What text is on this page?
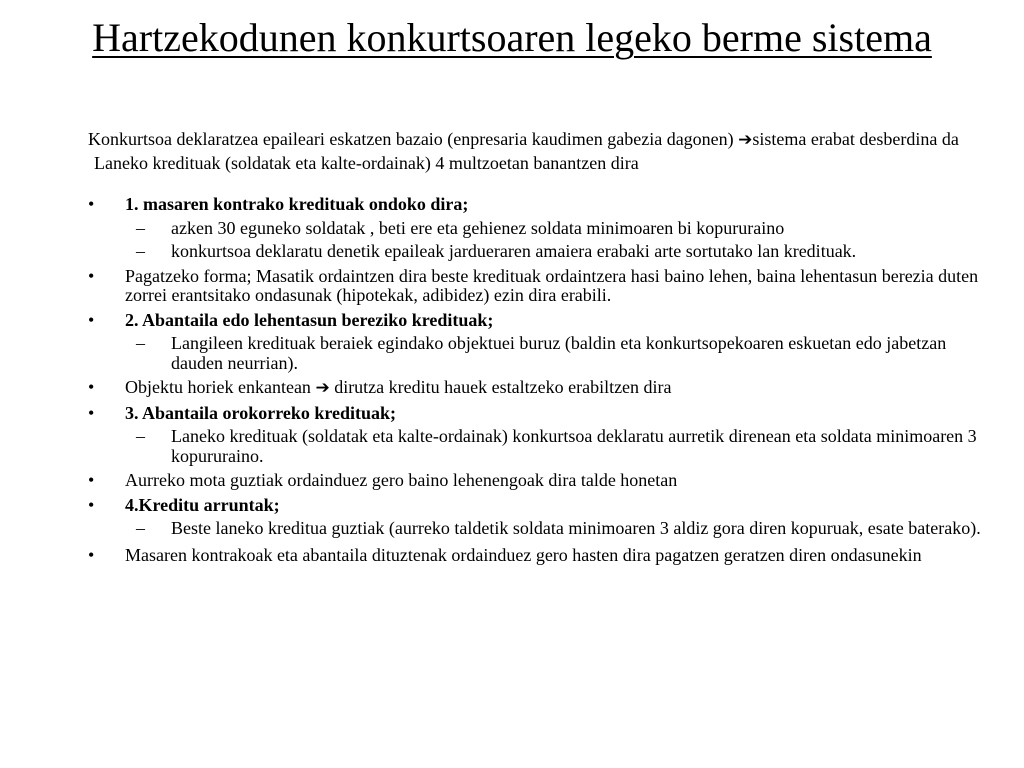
Hartzekodunen konkurtsoaren legeko berme sistema

Konkurtsoa deklaratzea epaileari eskatzen bazaio (enpresaria kaudimen gabezia dagonen) ➔sistema erabat desberdina da

Laneko kredituak (soldatak eta kalte-ordainak) 4 multzoetan banantzen dira

•	1. masaren kontrako kredituak ondoko dira;
– azken 30 eguneko soldatak , beti ere eta gehienez soldata minimoaren bi kopururaino
– konkurtsoa deklaratu denetik epaileak jardueraren amaiera erabaki arte sortutako lan kredituak.
•	Pagatzeko forma; Masatik ordaintzen dira beste kredituak ordaintzera hasi baino lehen, baina lehentasun berezia duten zorrei erantsitako ondasunak (hipotekak, adibidez) ezin dira erabili.
•	2. Abantaila edo lehentasun bereziko kredituak;
– Langileen kredituak beraiek egindako objektuei buruz (baldin eta konkurtsopekoaren eskuetan edo jabetzan dauden neurrian).
•	Objektu horiek enkantean ➔ dirutza kreditu hauek estaltzeko erabiltzen dira
•	3. Abantaila orokorreko kredituak;
– Laneko kredituak (soldatak eta kalte-ordainak) konkurtsoa deklaratu aurretik direnean eta soldata minimoaren 3 kopururaino.
•	Aurreko mota guztiak ordainduez gero baino lehenengoak dira talde honetan
•	4.Kreditu arruntak;
– Beste laneko kreditua guztiak (aurreko taldetik soldata minimoaren 3 aldiz gora diren kopuruak, esate baterako).
•	Masaren kontrakoak eta abantaila dituztenak ordainduez gero hasten dira pagatzen geratzen diren ondasunekin
